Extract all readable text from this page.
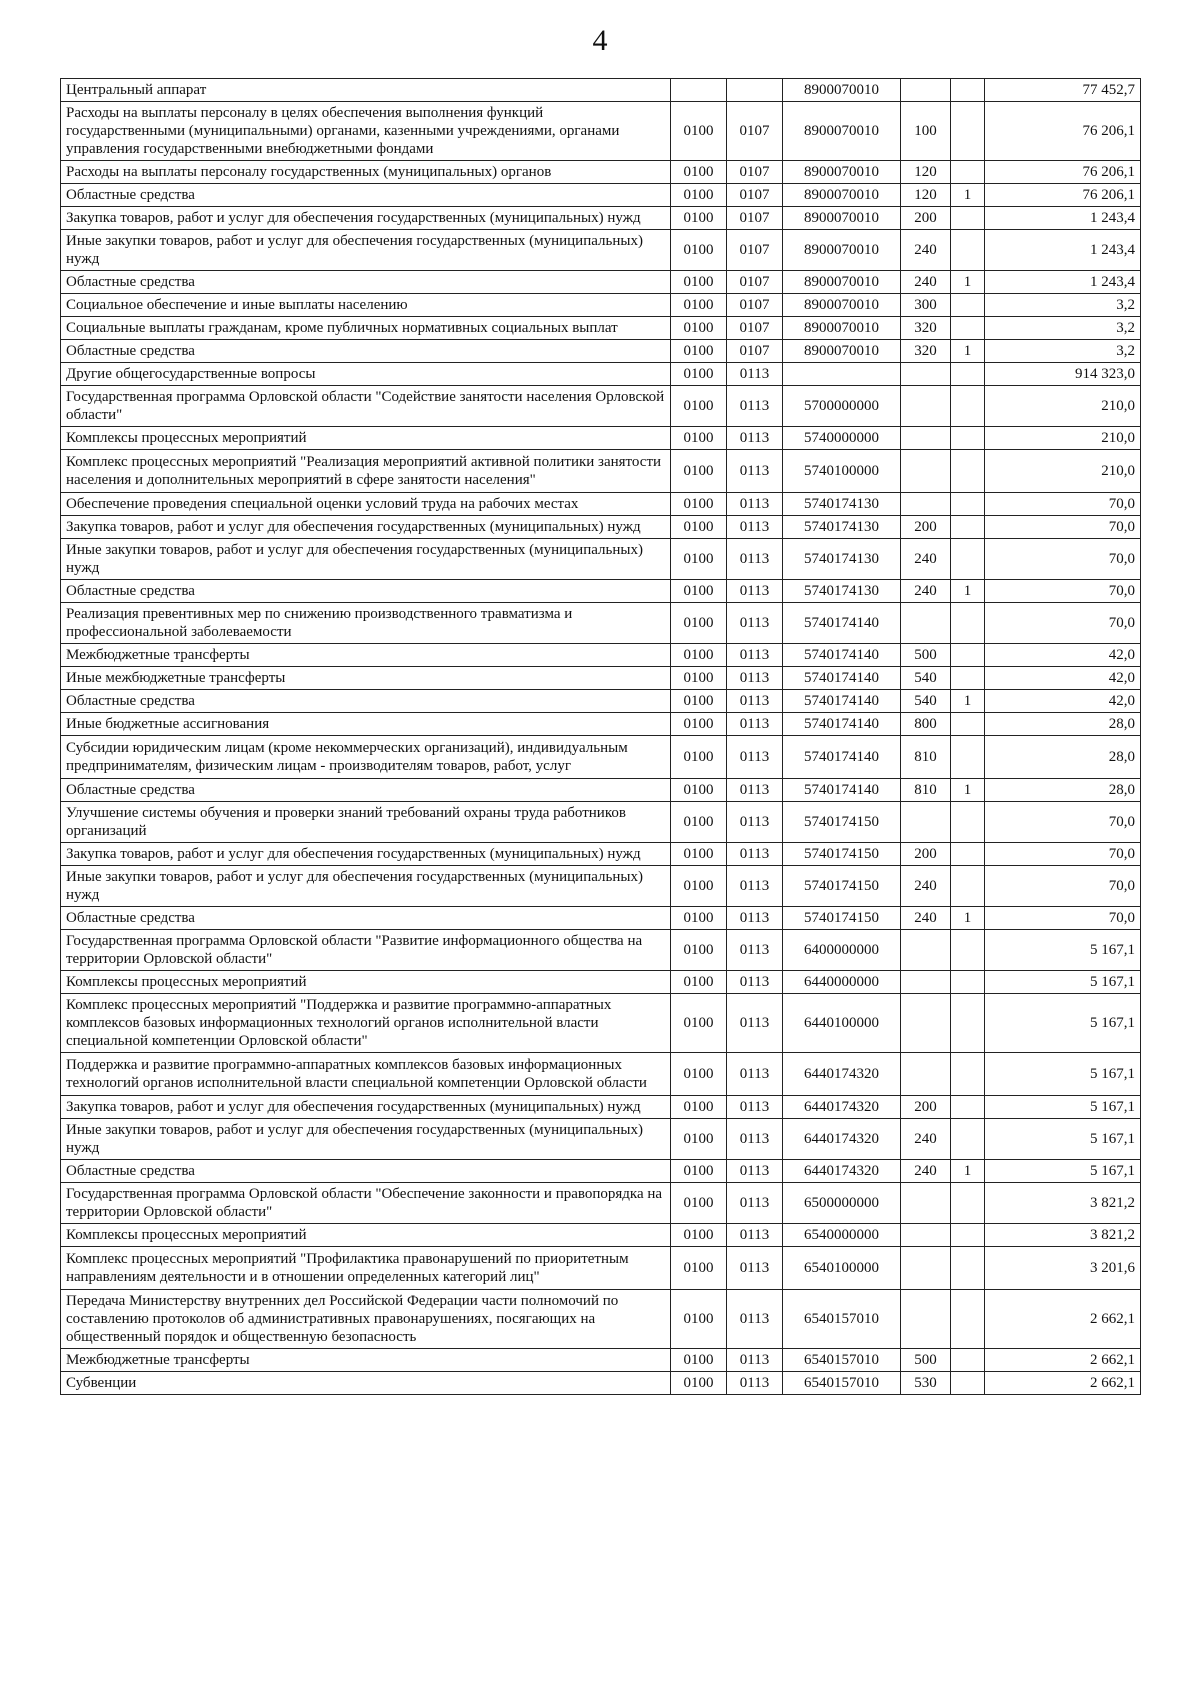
4
Центральный аппарат			8900070010			77 452,7
Расходы на выплаты персоналу в целях обеспечения выполнения функций государственными (муниципальными) органами, казенными учреждениями, органами управления государственными внебюджетными фондами	0100	0107	8900070010	100		76 206,1
Расходы на выплаты персоналу государственных (муниципальных) органов	0100	0107	8900070010	120		76 206,1
Областные средства	0100	0107	8900070010	120	1	76 206,1
Закупка товаров, работ и услуг для обеспечения государственных (муниципальных) нужд	0100	0107	8900070010	200		1 243,4
Иные закупки товаров, работ и услуг для обеспечения государственных (муниципальных) нужд	0100	0107	8900070010	240		1 243,4
Областные средства	0100	0107	8900070010	240	1	1 243,4
Социальное обеспечение и иные выплаты населению	0100	0107	8900070010	300		3,2
Социальные выплаты гражданам, кроме публичных нормативных социальных выплат	0100	0107	8900070010	320		3,2
Областные средства	0100	0107	8900070010	320	1	3,2
Другие общегосударственные вопросы	0100	0113				914 323,0
Государственная программа Орловской области "Содействие занятости населения Орловской области"	0100	0113	5700000000			210,0
Комплексы процессных мероприятий	0100	0113	5740000000			210,0
Комплекс процессных мероприятий "Реализация мероприятий активной политики занятости населения и дополнительных мероприятий в сфере занятости населения"	0100	0113	5740100000			210,0
Обеспечение проведения специальной оценки условий труда на рабочих местах	0100	0113	5740174130			70,0
Закупка товаров, работ и услуг для обеспечения государственных (муниципальных) нужд	0100	0113	5740174130	200		70,0
Иные закупки товаров, работ и услуг для обеспечения государственных (муниципальных) нужд	0100	0113	5740174130	240		70,0
Областные средства	0100	0113	5740174130	240	1	70,0
Реализация превентивных мер по снижению производственного травматизма и профессиональной заболеваемости	0100	0113	5740174140			70,0
Межбюджетные трансферты	0100	0113	5740174140	500		42,0
Иные межбюджетные трансферты	0100	0113	5740174140	540		42,0
Областные средства	0100	0113	5740174140	540	1	42,0
Иные бюджетные ассигнования	0100	0113	5740174140	800		28,0
Субсидии юридическим лицам (кроме некоммерческих организаций), индивидуальным предпринимателям, физическим лицам - производителям товаров, работ, услуг	0100	0113	5740174140	810		28,0
Областные средства	0100	0113	5740174140	810	1	28,0
Улучшение системы обучения и проверки знаний требований охраны труда работников организаций	0100	0113	5740174150			70,0
Закупка товаров, работ и услуг для обеспечения государственных (муниципальных) нужд	0100	0113	5740174150	200		70,0
Иные закупки товаров, работ и услуг для обеспечения государственных (муниципальных) нужд	0100	0113	5740174150	240		70,0
Областные средства	0100	0113	5740174150	240	1	70,0
Государственная программа Орловской области "Развитие информационного общества на территории Орловской области"	0100	0113	6400000000			5 167,1
Комплексы процессных мероприятий	0100	0113	6440000000			5 167,1
Комплекс процессных мероприятий "Поддержка и развитие программно-аппаратных комплексов базовых информационных технологий органов исполнительной власти специальной компетенции Орловской области"	0100	0113	6440100000			5 167,1
Поддержка и развитие программно-аппаратных комплексов базовых информационных технологий органов исполнительной власти специальной компетенции Орловской области	0100	0113	6440174320			5 167,1
Закупка товаров, работ и услуг для обеспечения государственных (муниципальных) нужд	0100	0113	6440174320	200		5 167,1
Иные закупки товаров, работ и услуг для обеспечения государственных (муниципальных) нужд	0100	0113	6440174320	240		5 167,1
Областные средства	0100	0113	6440174320	240	1	5 167,1
Государственная программа Орловской области "Обеспечение законности и правопорядка на территории Орловской области"	0100	0113	6500000000			3 821,2
Комплексы процессных мероприятий	0100	0113	6540000000			3 821,2
Комплекс процессных мероприятий "Профилактика правонарушений по приоритетным направлениям деятельности и в отношении определенных категорий лиц"	0100	0113	6540100000			3 201,6
Передача Министерству внутренних дел Российской Федерации части полномочий по составлению протоколов об административных правонарушениях, посягающих на общественный порядок и общественную безопасность	0100	0113	6540157010			2 662,1
Межбюджетные трансферты	0100	0113	6540157010	500		2 662,1
Субвенции	0100	0113	6540157010	530		2 662,1
